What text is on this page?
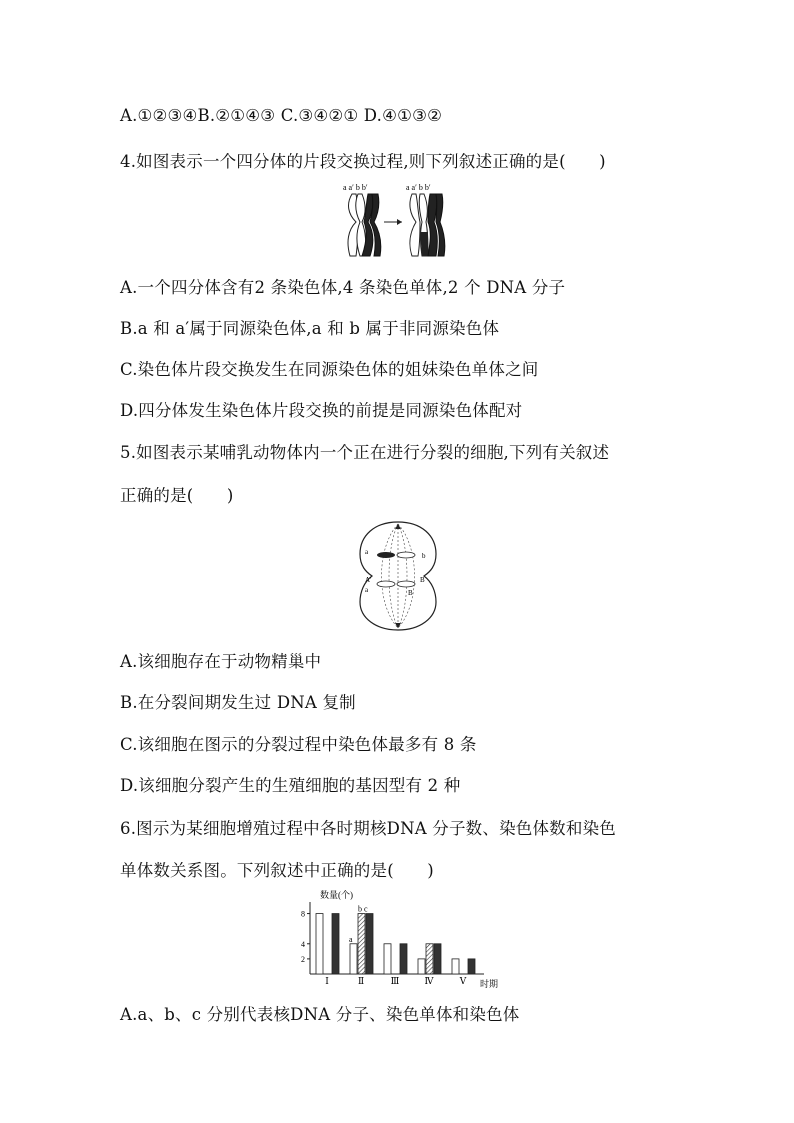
A.①②③④B.②①④③ C.③④②① D.④①③②
4.如图表示一个四分体的片段交换过程,则下列叙述正确的是(　　)
a a′ b b′	a a′ b b′
A.一个四分体含有2 条染色体,4 条染色单体,2 个 DNA 分子
B.a 和 a′属于同源染色体,a 和 b 属于非同源染色体
C.染色体片段交换发生在同源染色体的姐妹染色单体之间
D.四分体发生染色体片段交换的前提是同源染色体配对
5.如图表示某哺乳动物体内一个正在进行分裂的细胞,下列有关叙述
正确的是(　　)
a	b
A′	B
a	B
A.该细胞存在于动物精巢中
B.在分裂间期发生过 DNA 复制
C.该细胞在图示的分裂过程中染色体最多有 8 条
D.该细胞分裂产生的生殖细胞的基因型有 2 种
6.图示为某细胞增殖过程中各时期核DNA 分子数、染色体数和染色
单体数关系图。下列叙述中正确的是(　　)
数量(个)
时期
2
4
8
Ⅰ	Ⅱ	Ⅲ	Ⅳ	Ⅴ
a
b c
A.a、b、c 分别代表核DNA 分子、染色单体和染色体
